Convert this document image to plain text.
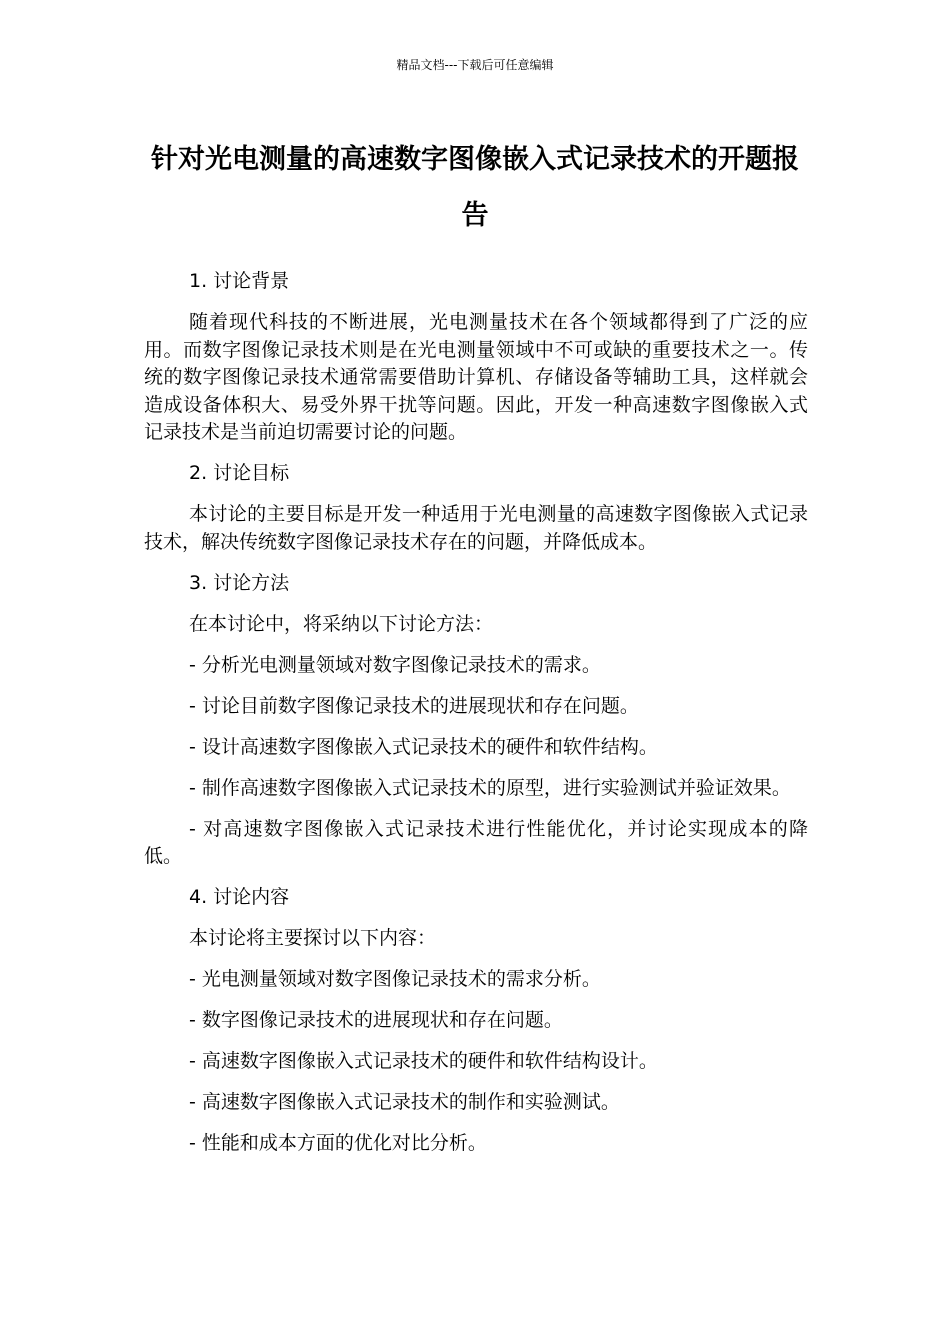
精品文档---下载后可任意编辑
针对光电测量的高速数字图像嵌入式记录技术的开题报告

1. 讨论背景

随着现代科技的不断进展，光电测量技术在各个领域都得到了广泛的应用。而数字图像记录技术则是在光电测量领域中不可或缺的重要技术之一。传统的数字图像记录技术通常需要借助计算机、存储设备等辅助工具，这样就会造成设备体积大、易受外界干扰等问题。因此，开发一种高速数字图像嵌入式记录技术是当前迫切需要讨论的问题。

2. 讨论目标

本讨论的主要目标是开发一种适用于光电测量的高速数字图像嵌入式记录技术，解决传统数字图像记录技术存在的问题，并降低成本。

3. 讨论方法

在本讨论中，将采纳以下讨论方法：

- 分析光电测量领域对数字图像记录技术的需求。

- 讨论目前数字图像记录技术的进展现状和存在问题。

- 设计高速数字图像嵌入式记录技术的硬件和软件结构。

- 制作高速数字图像嵌入式记录技术的原型，进行实验测试并验证效果。

- 对高速数字图像嵌入式记录技术进行性能优化，并讨论实现成本的降低。

4. 讨论内容

本讨论将主要探讨以下内容：

- 光电测量领域对数字图像记录技术的需求分析。

- 数字图像记录技术的进展现状和存在问题。

- 高速数字图像嵌入式记录技术的硬件和软件结构设计。

- 高速数字图像嵌入式记录技术的制作和实验测试。

- 性能和成本方面的优化对比分析。
